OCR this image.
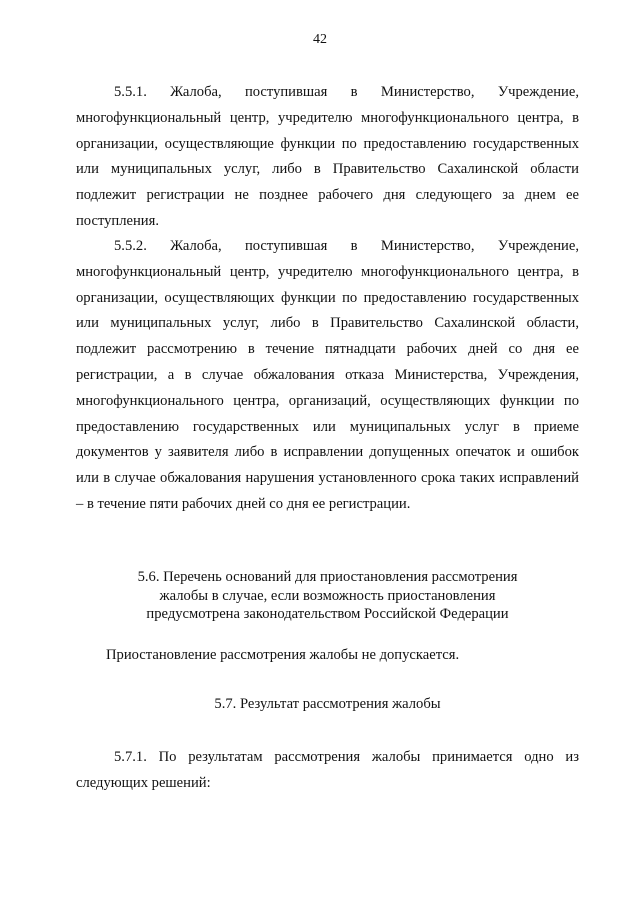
42

5.5.1. Жалоба, поступившая в Министерство, Учреждение, многофункциональный центр, учредителю многофункционального центра, в организации, осуществляющие функции по предоставлению государственных или муниципальных услуг, либо в Правительство Сахалинской области подлежит регистрации не позднее рабочего дня следующего за днем ее поступления.

5.5.2. Жалоба, поступившая в Министерство, Учреждение, многофункциональный центр, учредителю многофункционального центра, в организации, осуществляющих функции по предоставлению государственных или муниципальных услуг, либо в Правительство Сахалинской области, подлежит рассмотрению в течение пятнадцати рабочих дней со дня ее регистрации, а в случае обжалования отказа Министерства, Учреждения, многофункционального центра, организаций, осуществляющих функции по предоставлению государственных или муниципальных услуг в приеме документов у заявителя либо в исправлении допущенных опечаток и ошибок или в случае обжалования нарушения установленного срока таких исправлений – в течение пяти рабочих дней со дня ее регистрации.

5.6. Перечень оснований для приостановления рассмотрения
жалобы в случае, если возможность приостановления
предусмотрена законодательством Российской Федерации

Приостановление рассмотрения жалобы не допускается.

5.7. Результат рассмотрения жалобы

5.7.1. По результатам рассмотрения жалобы принимается одно из следующих решений:
